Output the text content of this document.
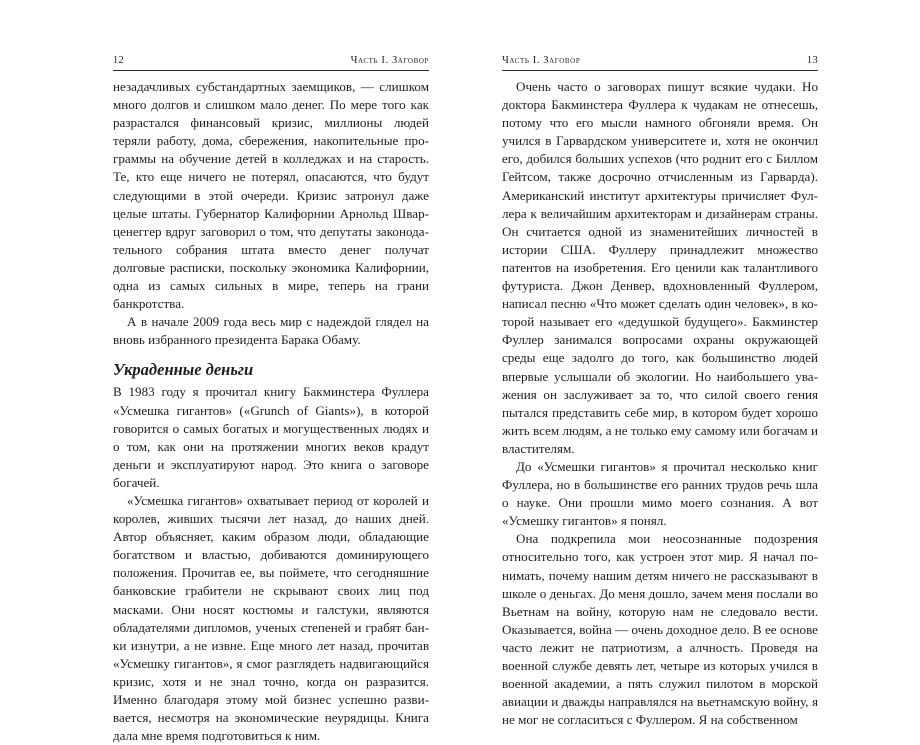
12	Часть I. Заговор

незадачливых субстандартных заемщиков, — слишком много долгов и слишком мало денег. По мере того как разрастался финансовый кризис, миллионы людей теряли работу, дома, сбережения, накопительные программы на обучение детей в колледжах и на старость. Те, кто еще ничего не потерял, опасаются, что будут следующими в этой очереди. Кризис затронул даже целые штаты. Губернатор Калифорнии Арнольд Шварценеггер вдруг заговорил о том, что депутаты законодательного собрания штата вместо денег получат долговые расписки, поскольку экономика Калифорнии, одна из самых сильных в мире, теперь на грани банкротства.

А в начале 2009 года весь мир с надеждой глядел на вновь избранного президента Барака Обаму.

Украденные деньги

В 1983 году я прочитал книгу Бакминстера Фуллера «Усмешка гигантов» («Grunch of Giants»), в которой говорится о самых богатых и могущественных людях и о том, как они на протяжении многих веков крадут деньги и эксплуатируют народ. Это книга о заговоре богачей.

«Усмешка гигантов» охватывает период от королей и королев, живших тысячи лет назад, до наших дней. Автор объясняет, каким образом люди, обладающие богатством и властью, добиваются доминирующего положения. Прочитав ее, вы поймете, что сегодняшние банковские грабители не скрывают своих лиц под масками. Они носят костюмы и галстуки, являются обладателями дипломов, ученых степеней и грабят банки изнутри, а не извне. Еще много лет назад, прочитав «Усмешку гигантов», я смог разглядеть надвигающийся кризис, хотя и не знал точно, когда он разразится. Именно благодаря этому мой бизнес успешно развивается, несмотря на экономические неурядицы. Книга дала мне время подготовиться к ним.

Часть I. Заговор	13

Очень часто о заговорах пишут всякие чудаки. Но доктора Бакминстера Фуллера к чудакам не отнесешь, потому что его мысли намного обгоняли время. Он учился в Гарвардском университете и, хотя не окончил его, добился больших успехов (что роднит его с Биллом Гейтсом, также досрочно отчисленным из Гарварда). Американский институт архитектуры причисляет Фуллера к величайшим архитекторам и дизайнерам страны. Он считается одной из знаменитейших личностей в истории США. Фуллеру принадлежит множество патентов на изобретения. Его ценили как талантливого футуриста. Джон Денвер, вдохновленный Фуллером, написал песню «Что может сделать один человек», в которой называет его «дедушкой будущего». Бакминстер Фуллер занимался вопросами охраны окружающей среды еще задолго до того, как большинство людей впервые услышали об экологии. Но наибольшего уважения он заслуживает за то, что силой своего гения пытался представить себе мир, в котором будет хорошо жить всем людям, а не только ему самому или богачам и властителям.

До «Усмешки гигантов» я прочитал несколько книг Фуллера, но в большинстве его ранних трудов речь шла о науке. Они прошли мимо моего сознания. А вот «Усмешку гигантов» я понял.

Она подкрепила мои неосознанные подозрения относительно того, как устроен этот мир. Я начал понимать, почему нашим детям ничего не рассказывают в школе о деньгах. До меня дошло, зачем меня послали во Вьетнам на войну, которую нам не следовало вести. Оказывается, война — очень доходное дело. В ее основе часто лежит не патриотизм, а алчность. Проведя на военной службе девять лет, четыре из которых учился в военной академии, а пять служил пилотом в морской авиации и дважды направлялся на вьетнамскую войну, я не мог не согласиться с Фуллером. Я на собственном
